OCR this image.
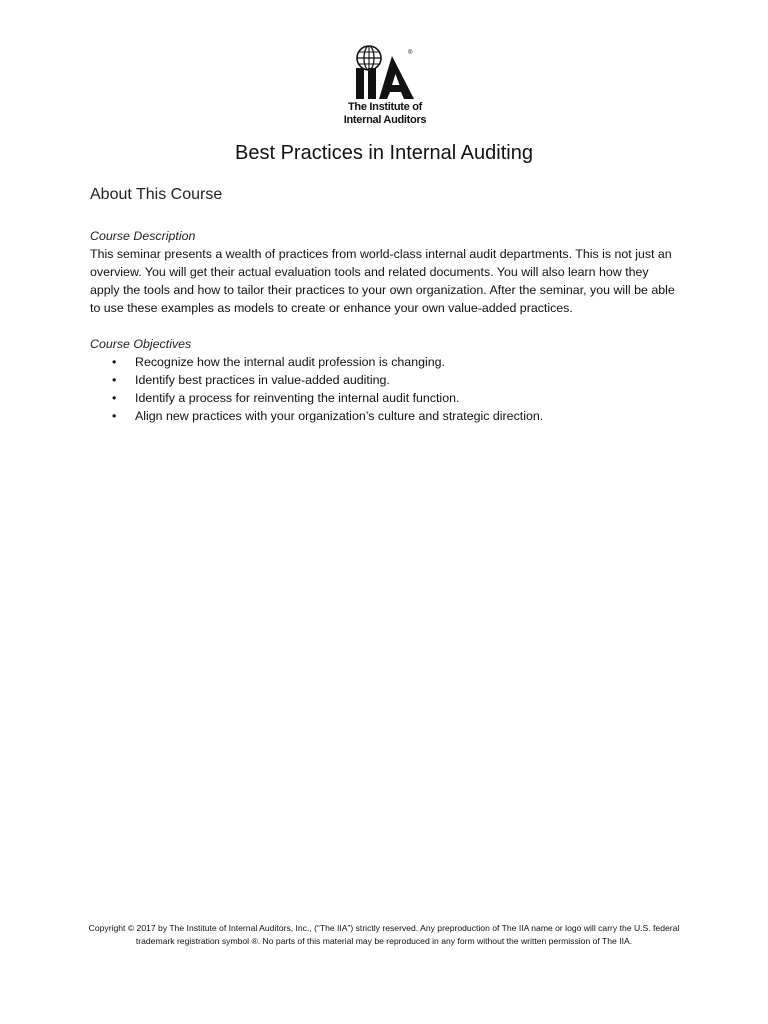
®
The Institute of
Internal Auditors
Best Practices in Internal Auditing
About This Course

Course Description

This seminar presents a wealth of practices from world-class internal audit departments. This is not just an overview. You will get their actual evaluation tools and related documents. You will also learn how they apply the tools and how to tailor their practices to your own organization. After the seminar, you will be able to use these examples as models to create or enhance your own value-added practices.

Course Objectives

• Recognize how the internal audit profession is changing.
• Identify best practices in value-added auditing.
• Identify a process for reinventing the internal audit function.
• Align new practices with your organization’s culture and strategic direction.
Copyright © 2017 by The Institute of Internal Auditors, Inc., (“The IIA”) strictly reserved. Any preproduction of The IIA name or logo will carry the U.S. federal trademark registration symbol ®. No parts of this material may be reproduced in any form without the written permission of The IIA.
